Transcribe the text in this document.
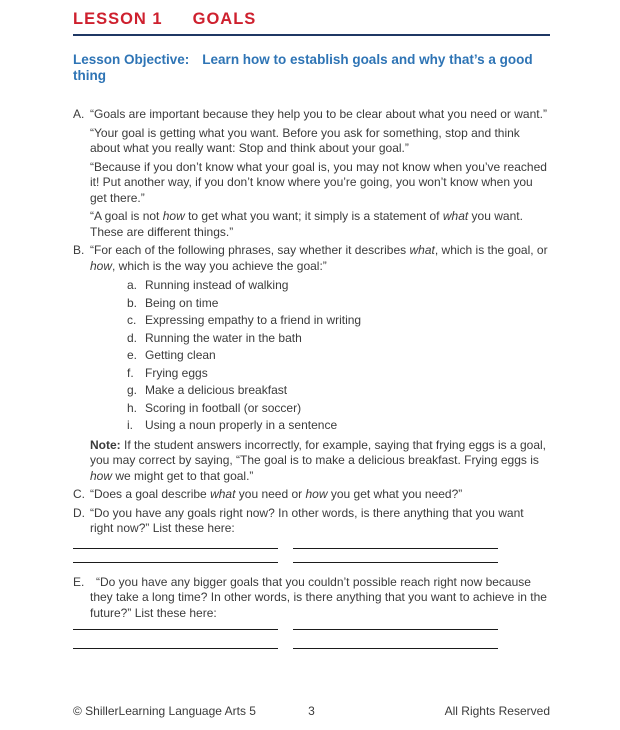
LESSON 1 GOALS
Lesson Objective: Learn how to establish goals and why that’s a good thing
A. “Goals are important because they help you to be clear about what you need or want.”

“Your goal is getting what you want. Before you ask for something, stop and think about what you really want: Stop and think about your goal.”

“Because if you don’t know what your goal is, you may not know when you’ve reached it! Put another way, if you don’t know where you’re going, you won’t know when you get there.”

“A goal is not how to get what you want; it simply is a statement of what you want. These are different things.”

B. “For each of the following phrases, say whether it describes what, which is the goal, or how, which is the way you achieve the goal:”

a. Running instead of walking
b. Being on time
c. Expressing empathy to a friend in writing
d. Running the water in the bath
e. Getting clean
f. Frying eggs
g. Make a delicious breakfast
h. Scoring in football (or soccer)
i.	Using a noun properly in a sentence

Note: If the student answers incorrectly, for example, saying that frying eggs is a goal, you may correct by saying, “The goal is to make a delicious breakfast. Frying eggs is how we might get to that goal.”

C. “Does a goal describe what you need or how you get what you need?”

D. “Do you have any goals right now? In other words, is there anything that you want right now?” List these here:

E. “Do you have any bigger goals that you couldn’t possible reach right now because they take a long time? In other words, is there anything that you want to achieve in the future?” List these here:

© ShillerLearning Language Arts 5	3	All Rights Reserved
